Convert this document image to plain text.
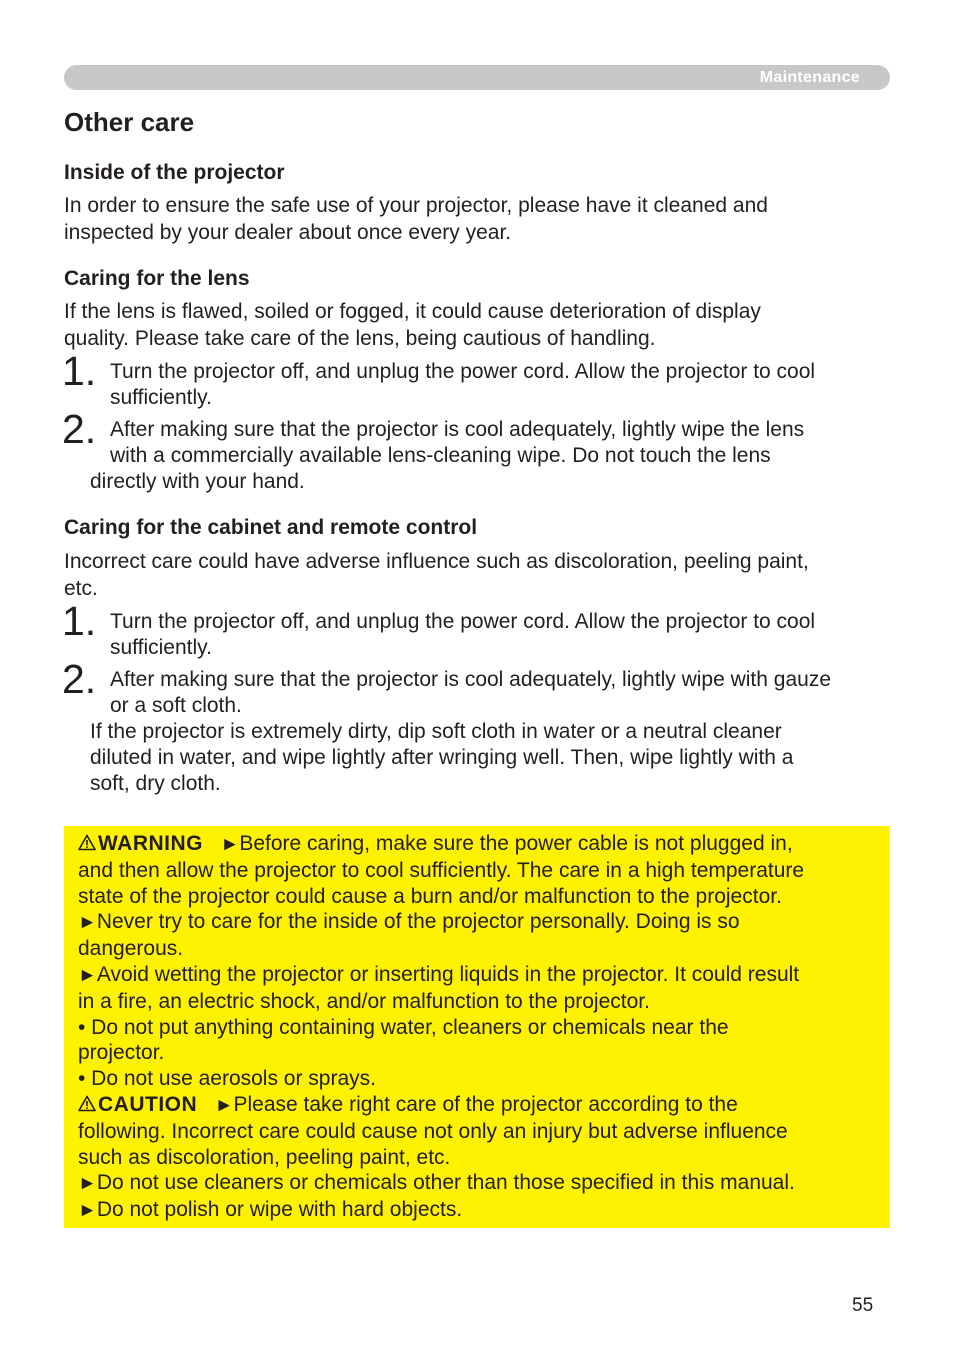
Maintenance
Other care
Inside of the projector
In order to ensure the safe use of your projector, please have it cleaned and
inspected by your dealer about once every year.
Caring for the lens
If the lens is flawed, soiled or fogged, it could cause deterioration of display
quality. Please take care of the lens, being cautious of handling.
1. Turn the projector off, and unplug the power cord. Allow the projector to cool
sufficiently.
2. After making sure that the projector is cool adequately, lightly wipe the lens
with a commercially available lens-cleaning wipe. Do not touch the lens
directly with your hand.
Caring for the cabinet and remote control
Incorrect care could have adverse influence such as discoloration, peeling paint,
etc.
1. Turn the projector off, and unplug the power cord. Allow the projector to cool
sufficiently.
2. After making sure that the projector is cool adequately, lightly wipe with gauze
or a soft cloth.
If the projector is extremely dirty, dip soft cloth in water or a neutral cleaner
diluted in water, and wipe lightly after wringing well. Then, wipe lightly with a
soft, dry cloth.
WARNING ►Before caring, make sure the power cable is not plugged in,
and then allow the projector to cool sufficiently. The care in a high temperature
state of the projector could cause a burn and/or malfunction to the projector.
►Never try to care for the inside of the projector personally. Doing is so
dangerous.
►Avoid wetting the projector or inserting liquids in the projector. It could result
in a fire, an electric shock, and/or malfunction to the projector.
• Do not put anything containing water, cleaners or chemicals near the
projector.
• Do not use aerosols or sprays.
CAUTION ►Please take right care of the projector according to the
following. Incorrect care could cause not only an injury but adverse influence
such as discoloration, peeling paint, etc.
►Do not use cleaners or chemicals other than those specified in this manual.
►Do not polish or wipe with hard objects.
55
